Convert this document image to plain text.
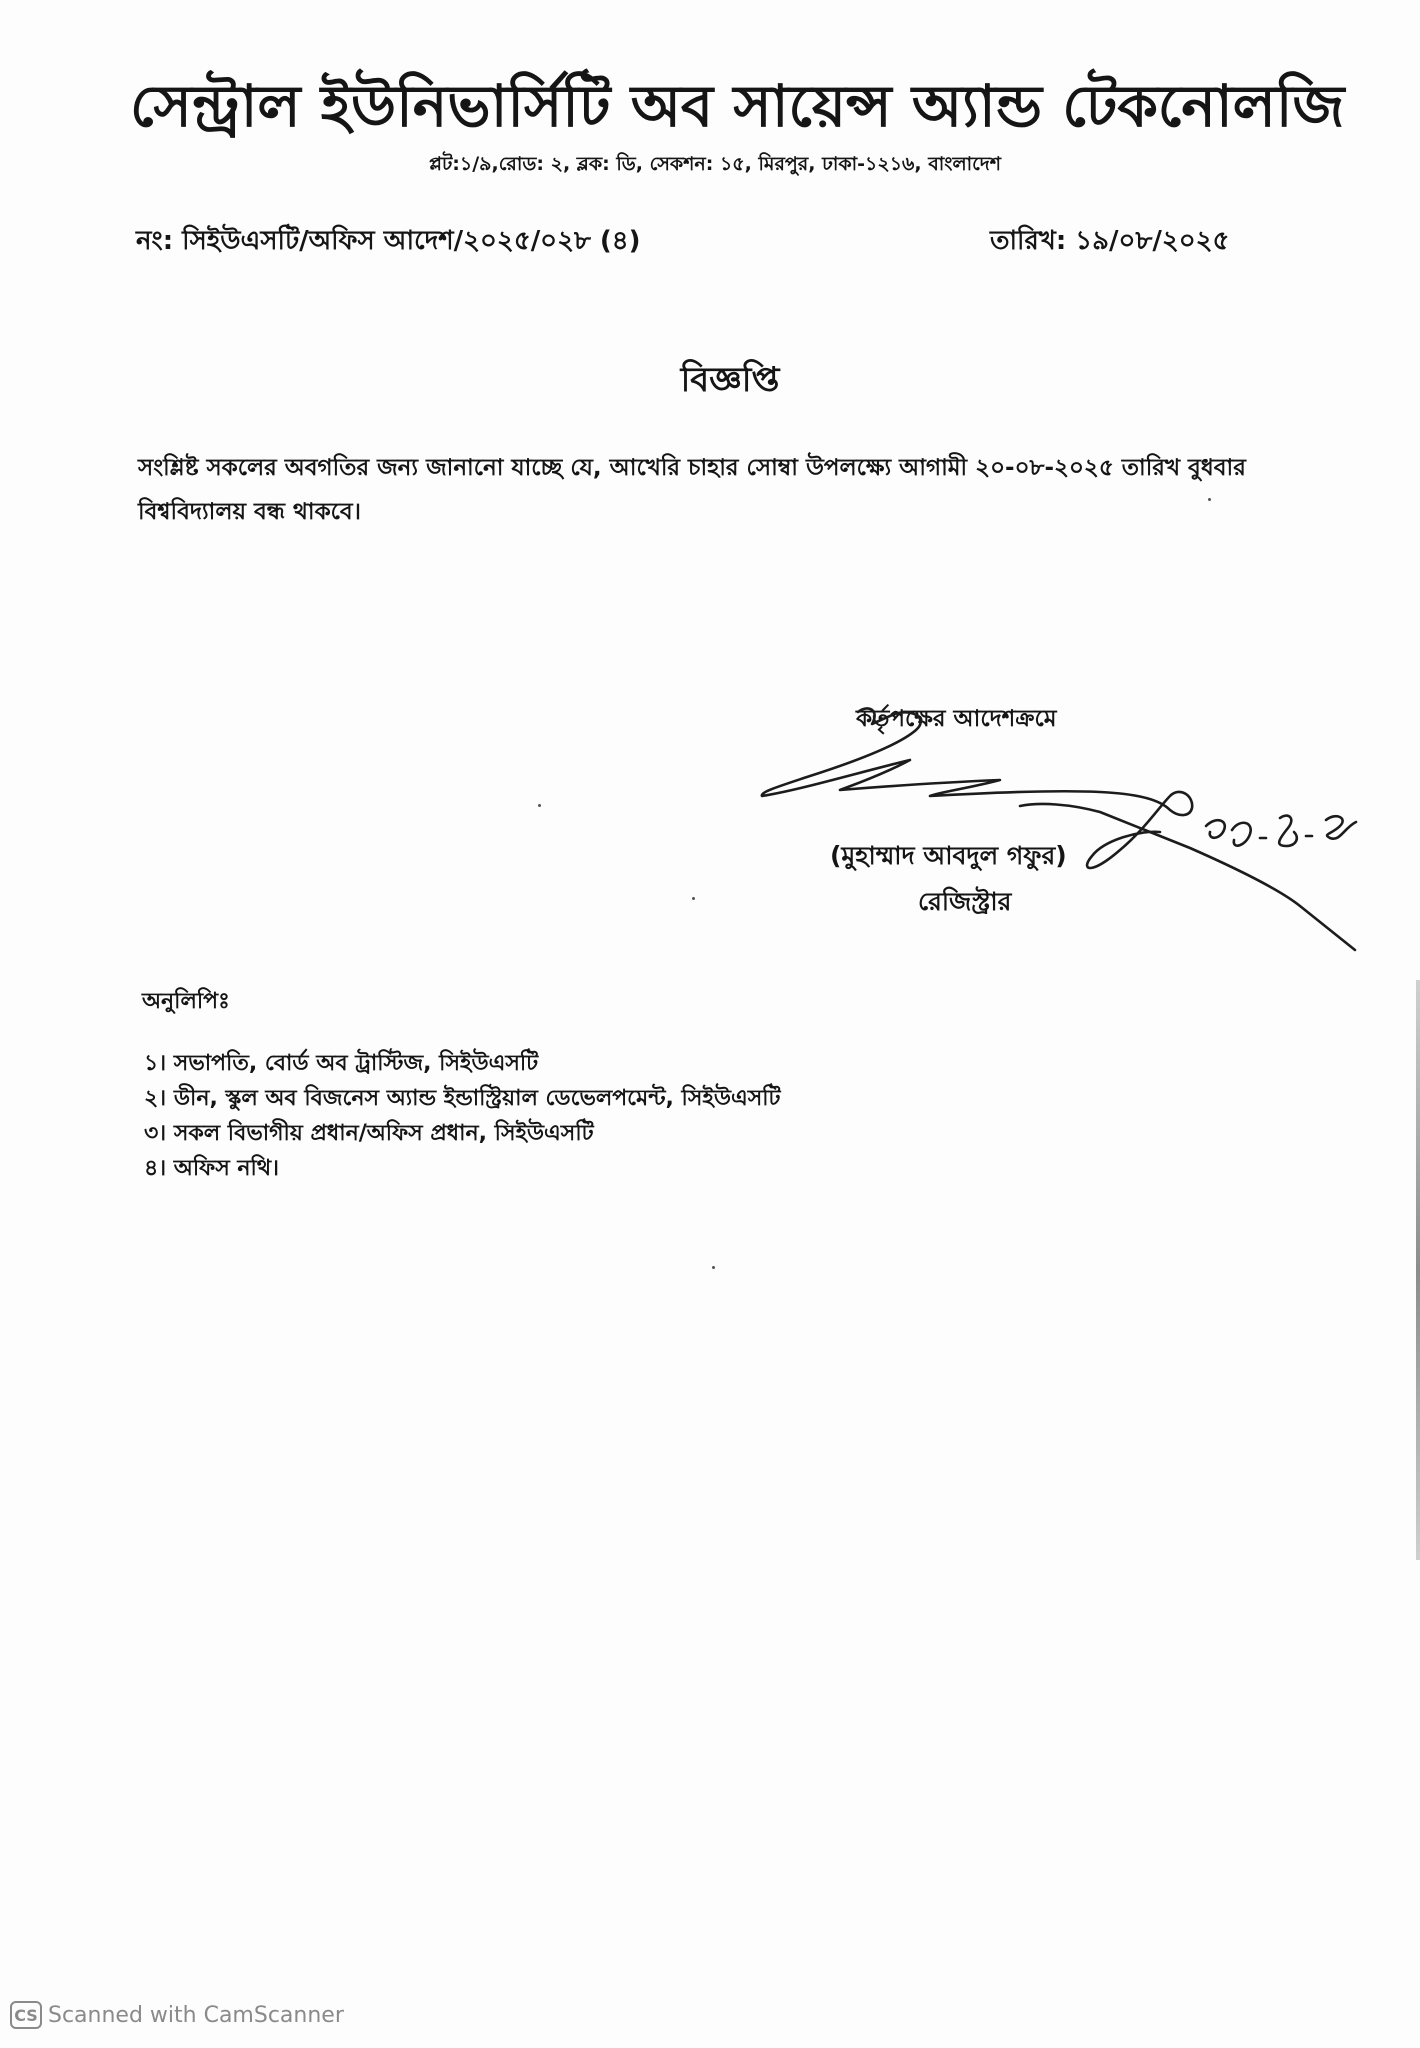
সেন্ট্রাল ইউনিভার্সিটি অব সায়েন্স অ্যান্ড টেকনোলজি
প্লট:১/৯,রোড: ২, ব্লক: ডি, সেকশন: ১৫, মিরপুর, ঢাকা-১২১৬, বাংলাদেশ
নং: সিইউএসটি/অফিস আদেশ/২০২৫/০২৮ (৪)	তারিখ: ১৯/০৮/২০২৫
বিজ্ঞপ্তি
সংশ্লিষ্ট সকলের অবগতির জন্য জানানো যাচ্ছে যে, আখেরি চাহার সোম্বা উপলক্ষ্যে আগামী ২০-০৮-২০২৫ তারিখ বুধবার বিশ্ববিদ্যালয় বন্ধ থাকবে।
কর্তৃপক্ষের আদেশক্রমে
(মুহাম্মাদ আবদুল গফুর)
রেজিস্ট্রার
অনুলিপিঃ
১। সভাপতি, বোর্ড অব ট্রাস্টিজ, সিইউএসটি
২। ডীন, স্কুল অব বিজনেস অ্যান্ড ইন্ডাস্ট্রিয়াল ডেভেলপমেন্ট, সিইউএসটি
৩। সকল বিভাগীয় প্রধান/অফিস প্রধান, সিইউএসটি
৪। অফিস নথি।
CS Scanned with CamScanner
